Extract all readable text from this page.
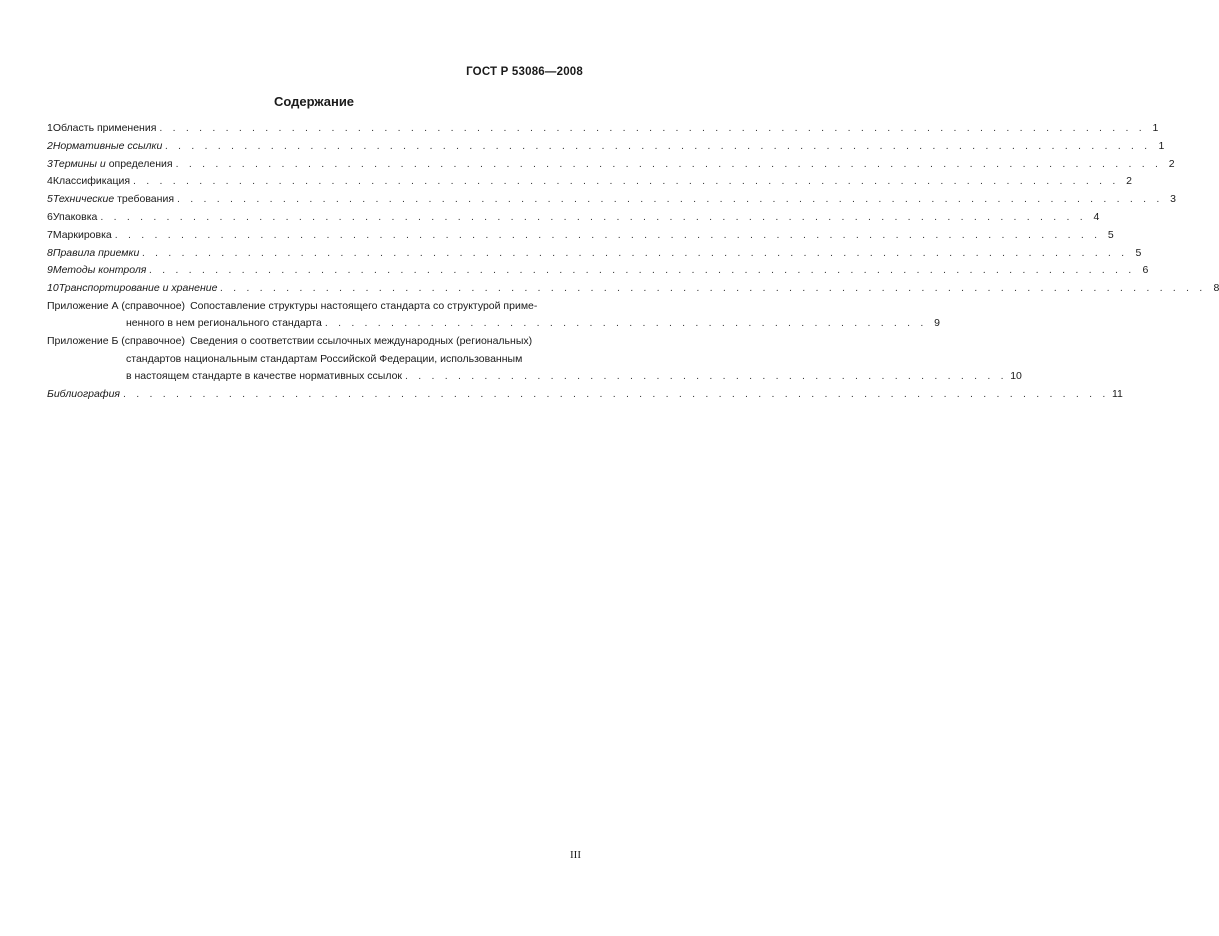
ГОСТ Р 53086—2008
Содержание
1 Область применения . . . . . . . . . . . . . . . . . . . . . . . . . . . . . . . . . . . . . . . . . . . . . . . . . . . . . . . . . . . . . . . . . . . . . . . . . . . 1
2 Нормативные ссылки . . . . . . . . . . . . . . . . . . . . . . . . . . . . . . . . . . . . . . . . . . . . . . . . . . . . . . . . . . . . . . . . . . . . . . . . . . . 1
3 Термины и определения . . . . . . . . . . . . . . . . . . . . . . . . . . . . . . . . . . . . . . . . . . . . . . . . . . . . . . . . . . . . . . . . . . . . . . . . . . . 2
4 Классификация . . . . . . . . . . . . . . . . . . . . . . . . . . . . . . . . . . . . . . . . . . . . . . . . . . . . . . . . . . . . . . . . . . . . . . . . . . . 2
5 Технические требования . . . . . . . . . . . . . . . . . . . . . . . . . . . . . . . . . . . . . . . . . . . . . . . . . . . . . . . . . . . . . . . . . . . . . . . . . . . 3
6 Упаковка . . . . . . . . . . . . . . . . . . . . . . . . . . . . . . . . . . . . . . . . . . . . . . . . . . . . . . . . . . . . . . . . . . . . . . . . . . . 4
7 Маркировка . . . . . . . . . . . . . . . . . . . . . . . . . . . . . . . . . . . . . . . . . . . . . . . . . . . . . . . . . . . . . . . . . . . . . . . . . . . 5
8 Правила приемки . . . . . . . . . . . . . . . . . . . . . . . . . . . . . . . . . . . . . . . . . . . . . . . . . . . . . . . . . . . . . . . . . . . . . . . . . . . 5
9 Методы контроля . . . . . . . . . . . . . . . . . . . . . . . . . . . . . . . . . . . . . . . . . . . . . . . . . . . . . . . . . . . . . . . . . . . . . . . . . . . 6
10 Транспортирование и хранение . . . . . . . . . . . . . . . . . . . . . . . . . . . . . . . . . . . . . . . . . . . . . . . . . . . . . . . . . . . . . . . . . . . . . . . . . . . 8
Приложение А (справочное) Сопоставление структуры настоящего стандарта со структурой приме-
ненного в нем регионального стандарта . . . . . . . . . . . . . . . . . . . . . . . . . . . . . . . . . . . . . . . . . . . . . . 9
Приложение Б (справочное) Сведения о соответствии ссылочных международных (региональных)
стандартов национальным стандартам Российской Федерации, использованным
в настоящем стандарте в качестве нормативных ссылок . . . . . . . . . . . . . . . . . . . . . . . . . . . . . . . . . . . . . . . . . . . . . . 10
Библиография . . . . . . . . . . . . . . . . . . . . . . . . . . . . . . . . . . . . . . . . . . . . . . . . . . . . . . . . . . . . . . . . . . . . . . . . . . . 11
III
